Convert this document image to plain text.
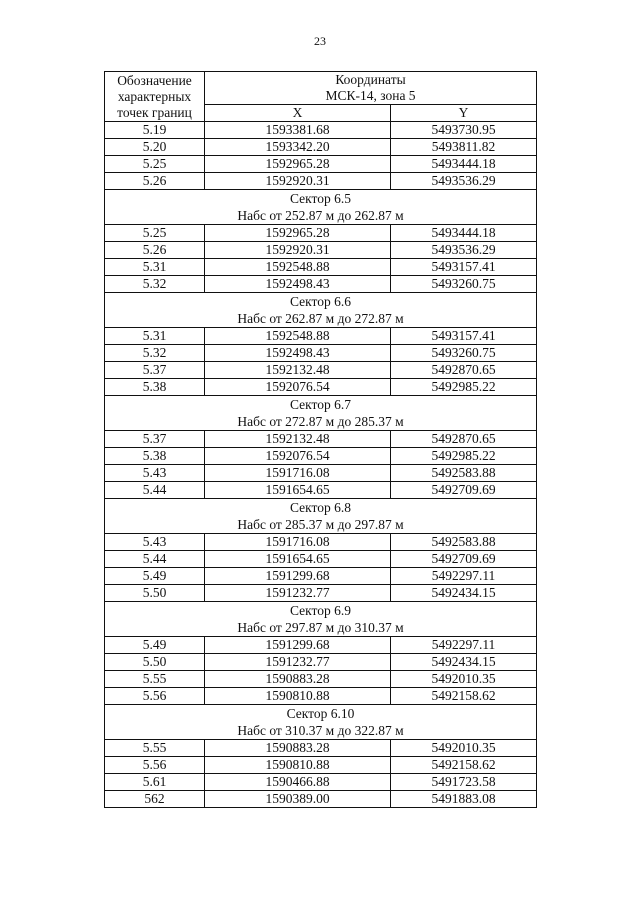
23
Обозначение характерных точек границ	Координаты
МСК-14, зона 5	

	X	Y
5.19	1593381.68	5493730.95
5.20	1593342.20	5493811.82
5.25	1592965.28	5493444.18
5.26	1592920.31	5493536.29

Сектор 6.5
Набс от 252.87 м до 262.87 м		

5.25	1592965.28	5493444.18
5.26	1592920.31	5493536.29
5.31	1592548.88	5493157.41
5.32	1592498.43	5493260.75

Сектор 6.6
Набс от 262.87 м до 272.87 м		

5.31	1592548.88	5493157.41
5.32	1592498.43	5493260.75
5.37	1592132.48	5492870.65
5.38	1592076.54	5492985.22

Сектор 6.7
Набс от 272.87 м до 285.37 м		

5.37	1592132.48	5492870.65
5.38	1592076.54	5492985.22
5.43	1591716.08	5492583.88
5.44	1591654.65	5492709.69

Сектор 6.8
Набс от 285.37 м до 297.87 м		

5.43	1591716.08	5492583.88
5.44	1591654.65	5492709.69
5.49	1591299.68	5492297.11
5.50	1591232.77	5492434.15

Сектор 6.9
Набс от 297.87 м до 310.37 м		

5.49	1591299.68	5492297.11
5.50	1591232.77	5492434.15
5.55	1590883.28	5492010.35
5.56	1590810.88	5492158.62

Сектор 6.10
Набс от 310.37 м до 322.87 м		

5.55	1590883.28	5492010.35
5.56	1590810.88	5492158.62
5.61	1590466.88	5491723.58
562	1590389.00	5491883.08
